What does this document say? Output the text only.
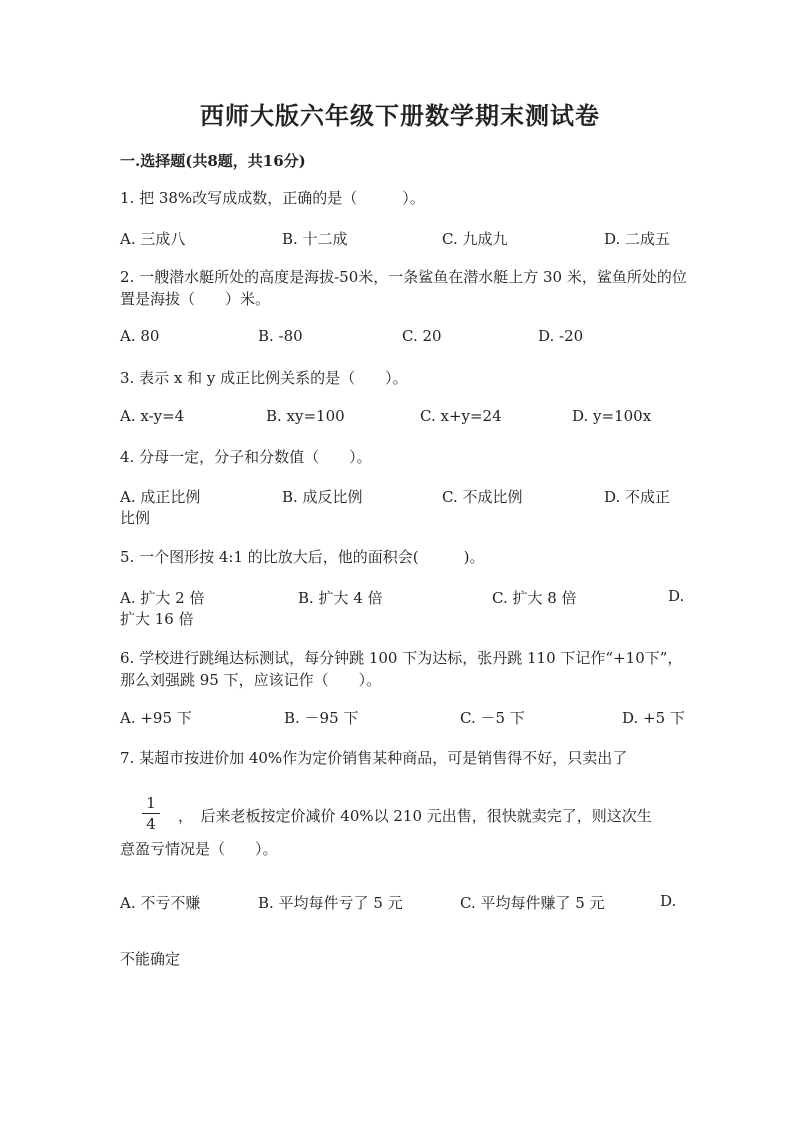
西师大版六年级下册数学期末测试卷
一.选择题(共8题，共16分)
1. 把 38%改写成成数，正确的是（　　　）。
A. 三成八	B. 十二成	C. 九成九	D. 二成五
2. 一艘潜水艇所处的高度是海拔-50米，一条鲨鱼在潜水艇上方 30 米，鲨鱼所处的位置是海拔（　　）米。
A. 80	B. -80	C. 20	D. -20
3. 表示 x 和 y 成正比例关系的是（　　）。
A. x-y=4	B. xy=100	C. x+y=24	D. y=100x
4. 分母一定，分子和分数值（　　）。
A. 成正比例	B. 成反比例	C. 不成比例	D. 不成正
比例
5. 一个图形按 4:1 的比放大后，他的面积会(　　　)。
A. 扩大 2 倍	B. 扩大 4 倍	C. 扩大 8 倍	D.
扩大 16 倍
6. 学校进行跳绳达标测试，每分钟跳 100 下为达标，张丹跳 110 下记作“+10下”，那么刘强跳 95 下，应该记作（　　）。
A. +95 下	B. －95 下	C. －5 下	D. +5 下
7. 某超市按进价加 40%作为定价销售某种商品，可是销售得不好，只卖出了
1
4 ，　后来老板按定价减价 40%以 210 元出售，很快就卖完了，则这次生
意盈亏情况是（　　）。
A. 不亏不赚	B. 平均每件亏了 5 元	C. 平均每件赚了 5 元	D.
不能确定
